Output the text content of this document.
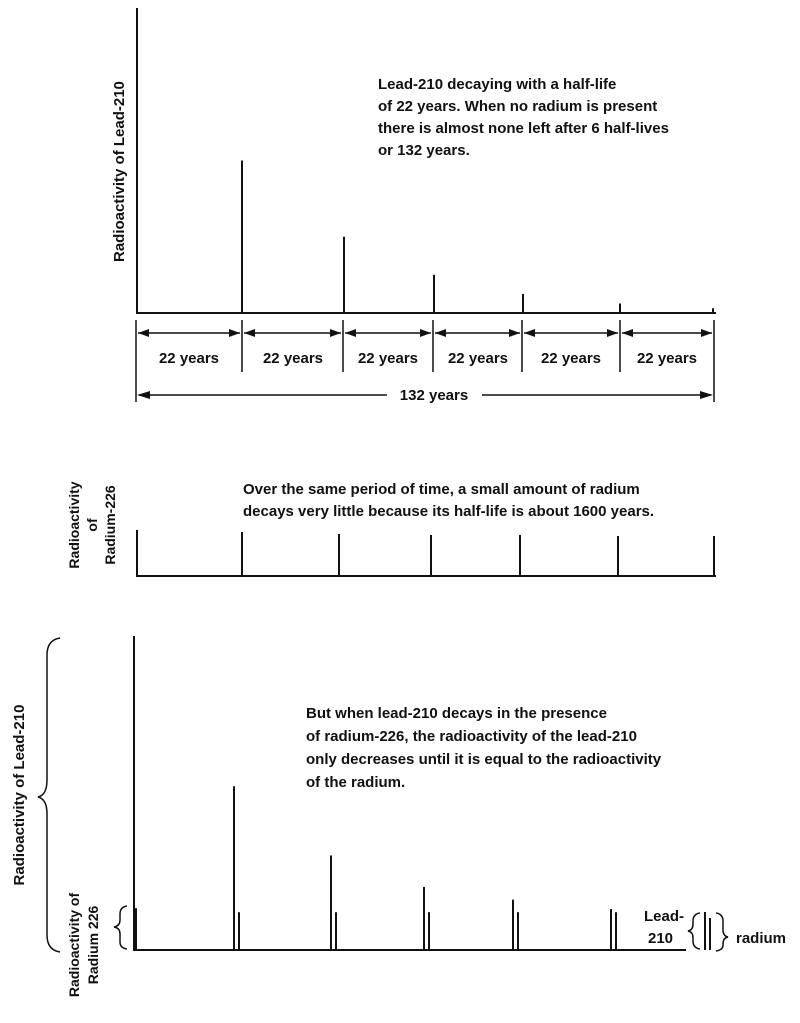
Radioactivity of Lead-210	Lead-210 decaying with a half-life
of 22 years. When no radium is present
there is almost none left after 6 half-lives
or 132 years.
22 years	22 years 22 years 22 years 22 years 22 years
132 years
Radioactivity of Radium-226	Over the same period of time, a small amount of radium
decays very little because its half-life is about 1600 years.
Radioactivity of Lead-210
Radioactivity of Radium 226
But when lead-210 decays in the presence
of radium-226, the radioactivity of the lead-210
only decreases until it is equal to the radioactivity
of the radium.
Lead-
210	radium
